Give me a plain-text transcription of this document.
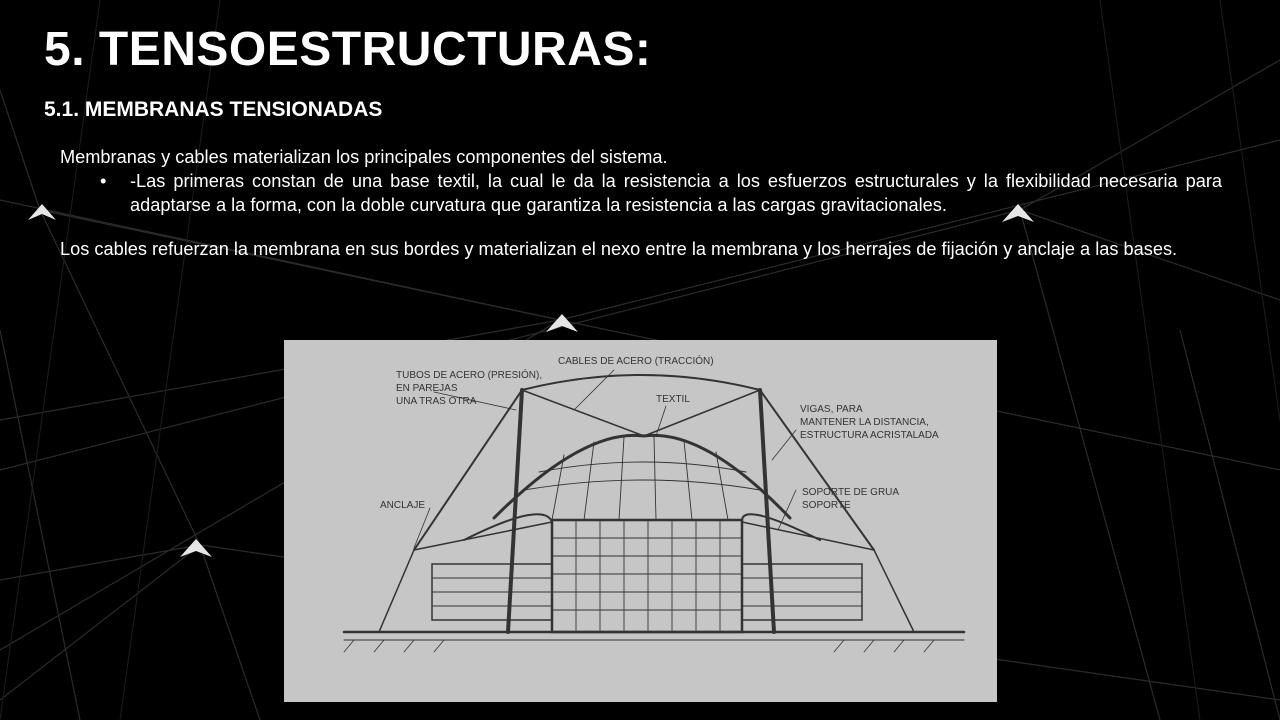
5. TENSOESTRUCTURAS:
5.1. MEMBRANAS TENSIONADAS

Membranas y cables materializan los principales componentes del sistema.

•	-Las primeras constan de una base textil, la cual le da la resistencia a los esfuerzos estructurales y la flexibilidad necesaria para adaptarse a la forma, con la doble curvatura que garantiza la resistencia a las cargas gravitacionales.

Los cables refuerzan la membrana en sus bordes y materializan el nexo entre la membrana y los herrajes de fijación y anclaje a las bases.

TUBOS DE ACERO (PRESIÓN),
EN PAREJAS
UNA TRAS OTRA
CABLES DE ACERO (TRACCIÓN)
TEXTIL
VIGAS, PARA
MANTENER LA DISTANCIA,
ESTRUCTURA ACRISTALADA
SOPORTE DE GRUA
SOPORTE
ANCLAJE
